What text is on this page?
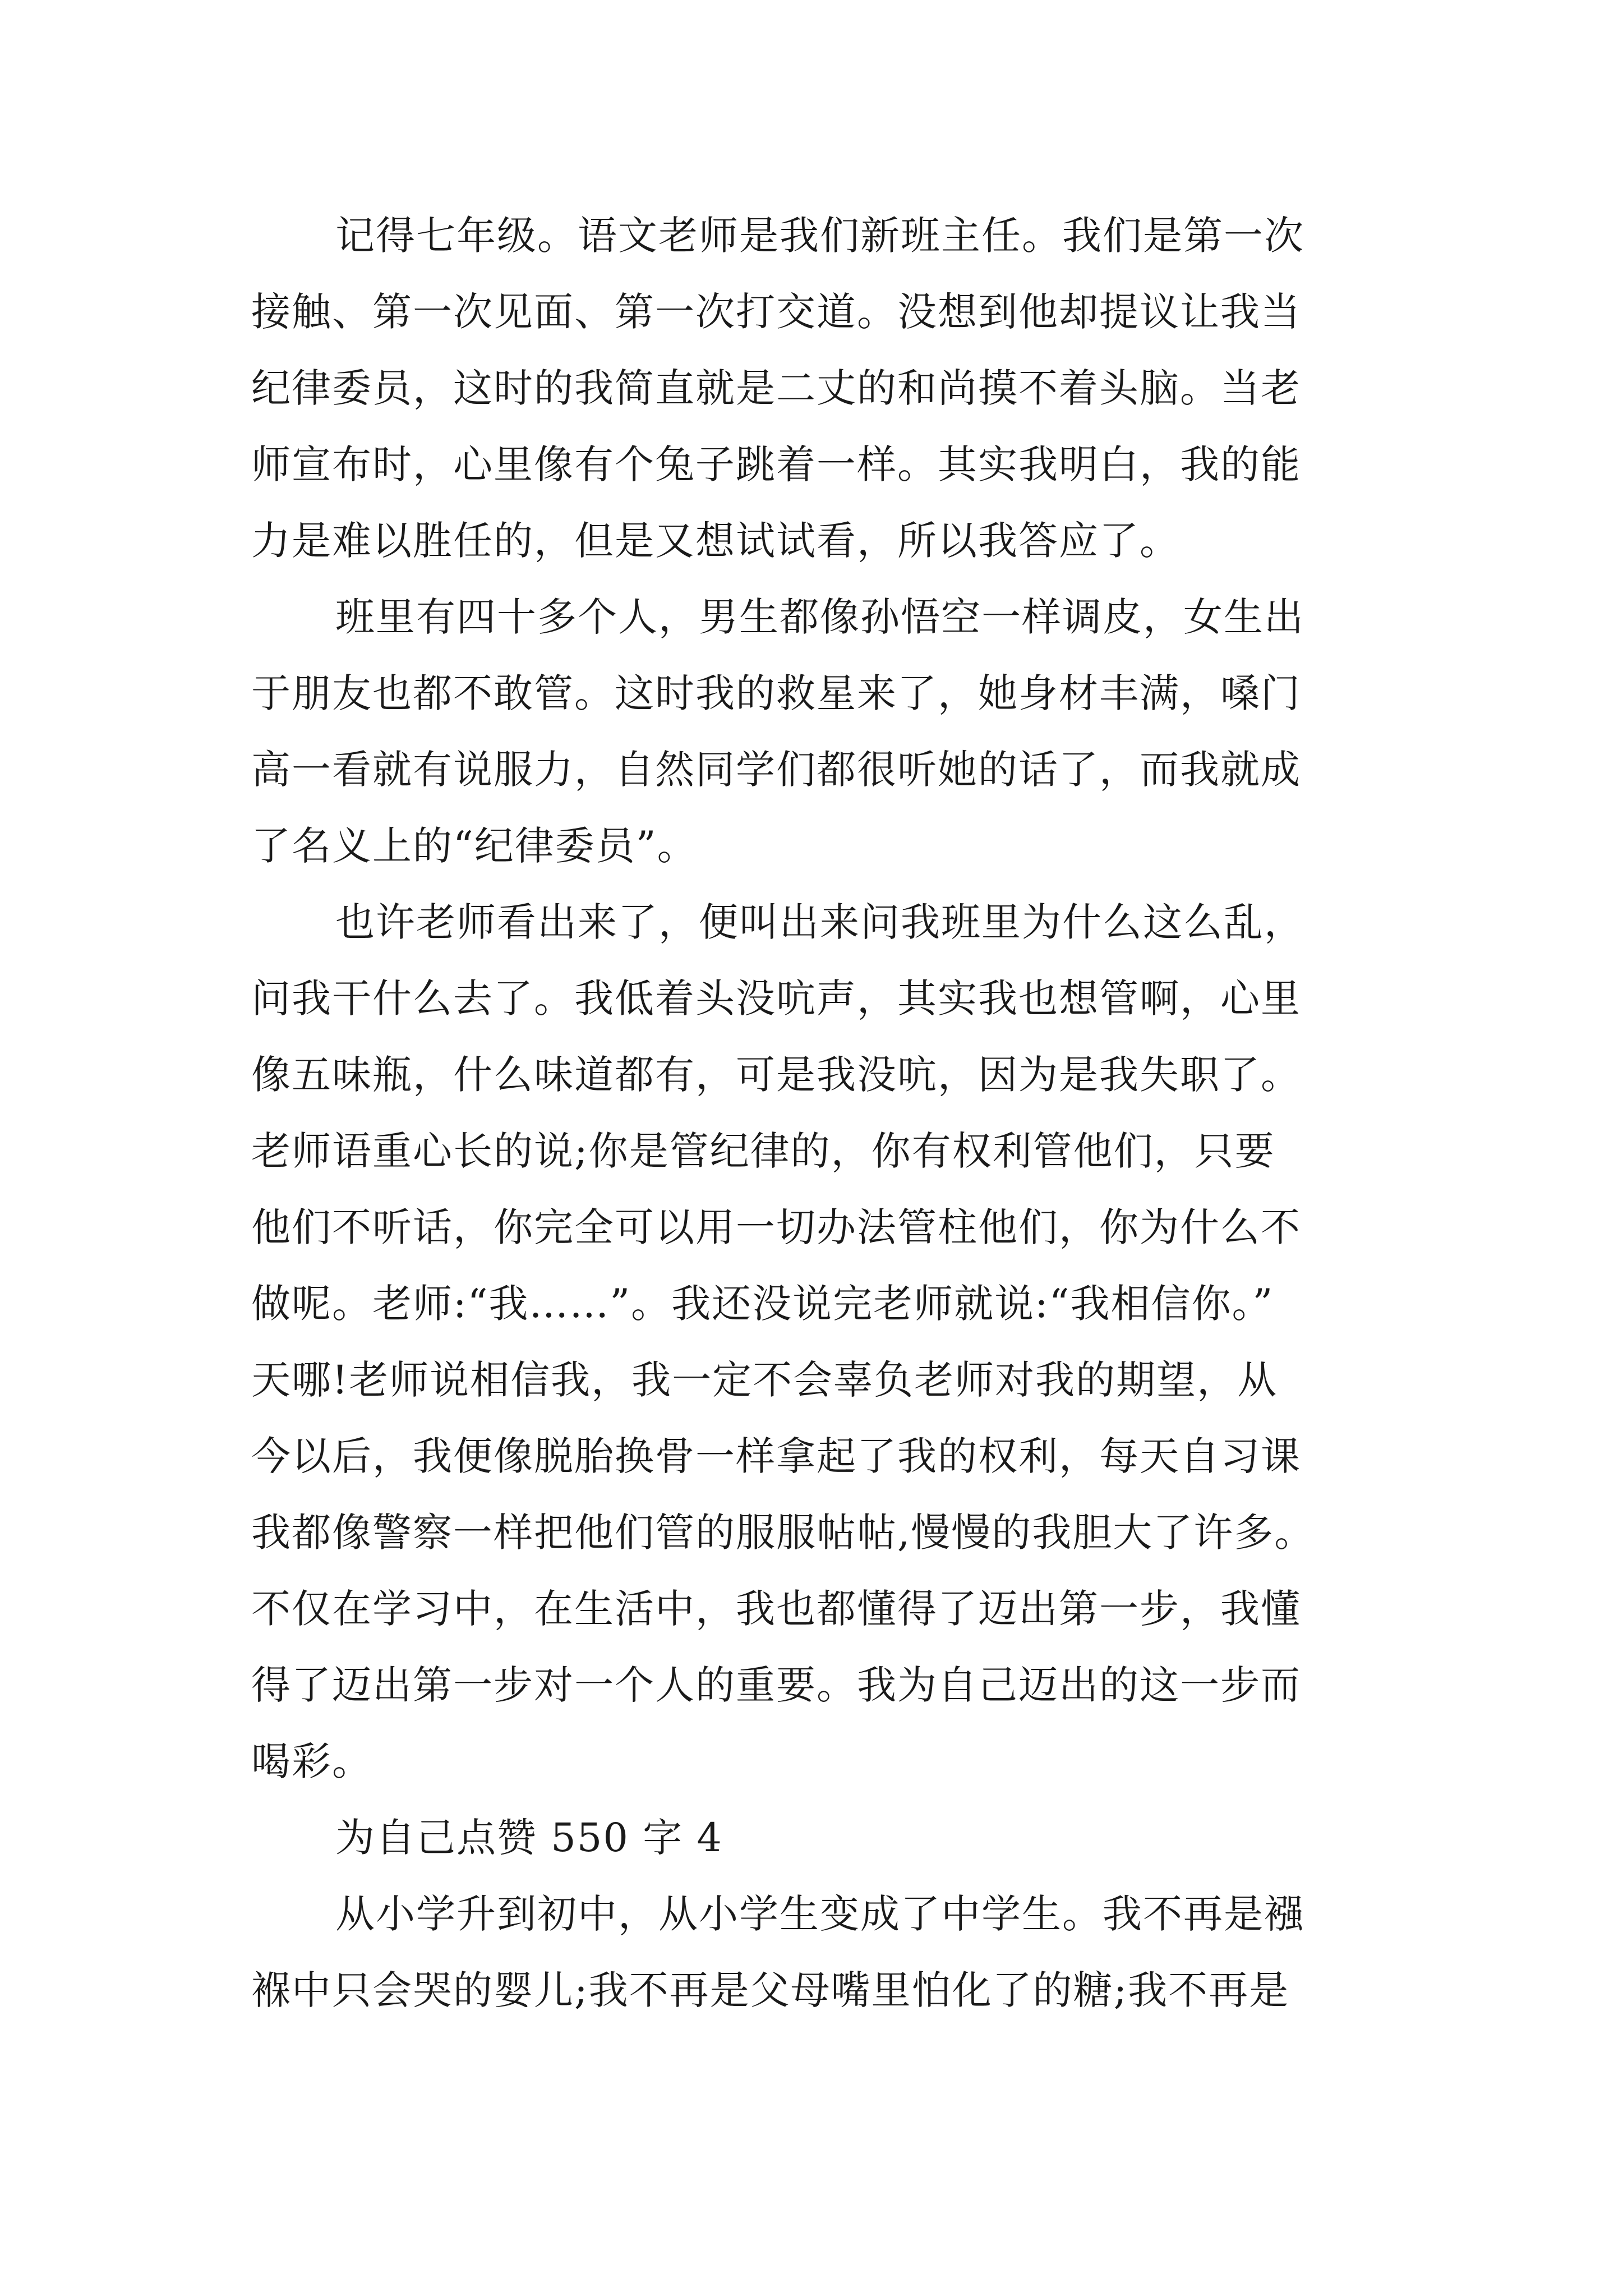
记得七年级。语文老师是我们新班主任。我们是第一次
接触、第一次见面、第一次打交道。没想到他却提议让我当
纪律委员，这时的我简直就是二丈的和尚摸不着头脑。当老
师宣布时，心里像有个兔子跳着一样。其实我明白，我的能
力是难以胜任的，但是又想试试看，所以我答应了。
班里有四十多个人，男生都像孙悟空一样调皮，女生出
于朋友也都不敢管。这时我的救星来了，她身材丰满，嗓门
高一看就有说服力，自然同学们都很听她的话了，而我就成
了名义上的“纪律委员”。
也许老师看出来了，便叫出来问我班里为什么这么乱，
问我干什么去了。我低着头没吭声，其实我也想管啊，心里
像五味瓶，什么味道都有，可是我没吭，因为是我失职了。
老师语重心长的说;你是管纪律的，你有权利管他们，只要
他们不听话，你完全可以用一切办法管柱他们，你为什么不
做呢。老师:“我……”。我还没说完老师就说:“我相信你。”
天哪!老师说相信我，我一定不会辜负老师对我的期望，从
今以后，我便像脱胎换骨一样拿起了我的权利，每天自习课
我都像警察一样把他们管的服服帖帖,慢慢的我胆大了许多。
不仅在学习中，在生活中，我也都懂得了迈出第一步，我懂
得了迈出第一步对一个人的重要。我为自己迈出的这一步而
喝彩。
为自己点赞 550 字 4
从小学升到初中，从小学生变成了中学生。我不再是襁
褓中只会哭的婴儿;我不再是父母嘴里怕化了的糖;我不再是
